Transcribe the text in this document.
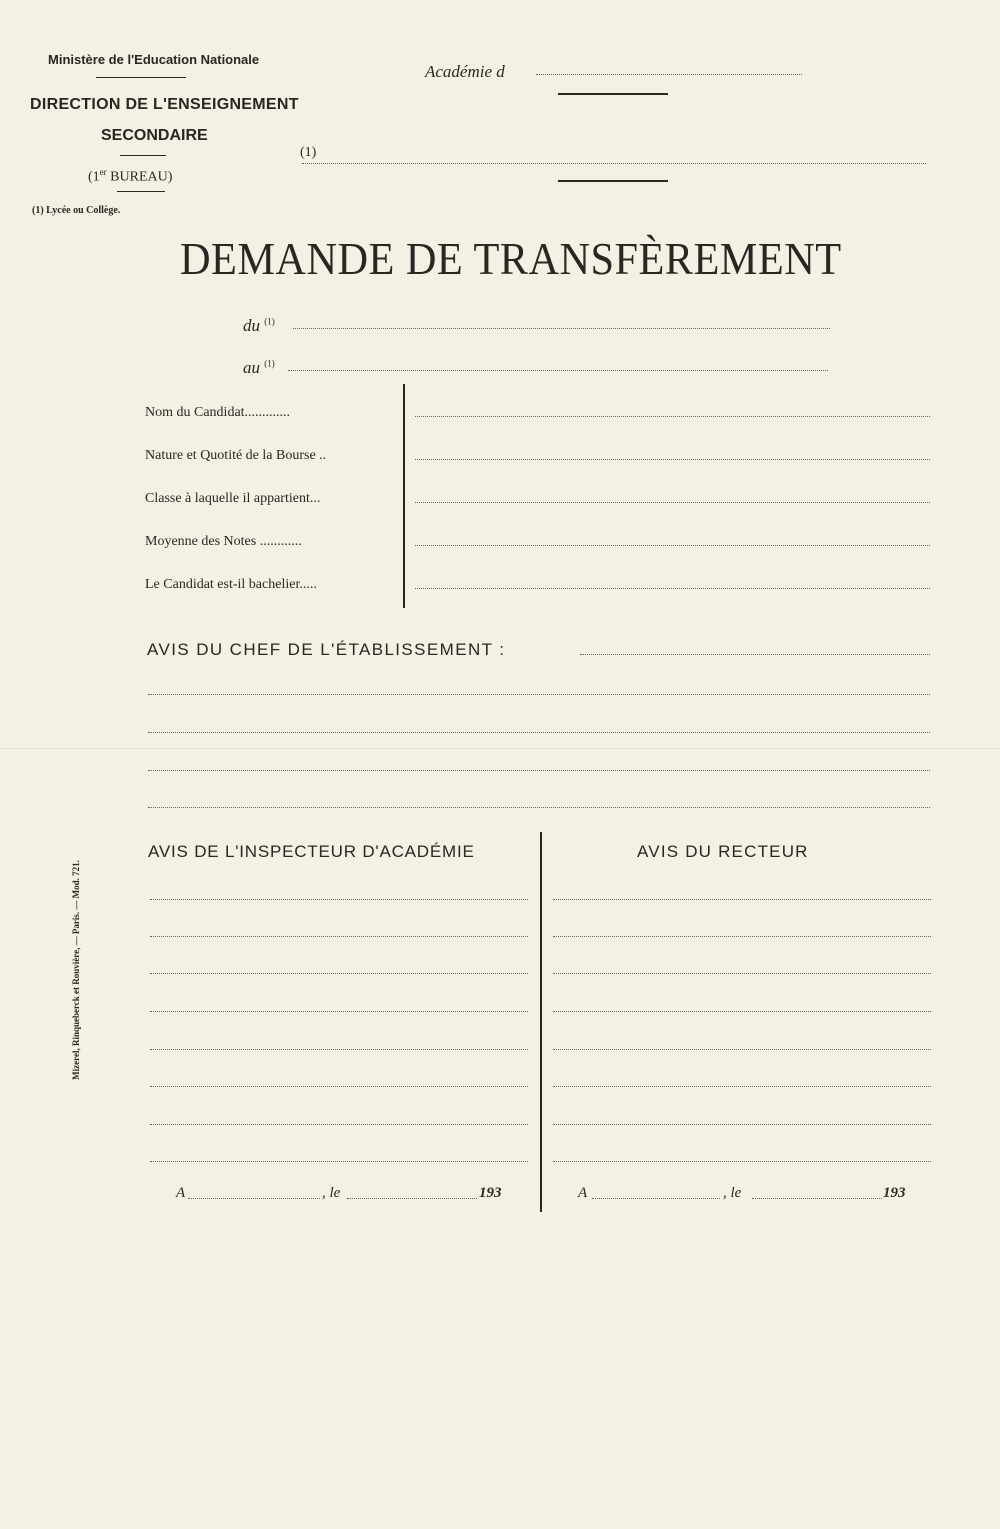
Ministère de l'Education Nationale
DIRECTION DE L'ENSEIGNEMENT
SECONDAIRE
(1er BUREAU)
(1) Lycée ou Collège.
Académie d
(1)
DEMANDE DE TRANSFÈREMENT
du $^{(1)}$
au $^{(1)}$
Nom du Candidat.............
Nature et Quotité de la Bourse ..
Classe à laquelle il appartient...
Moyenne des Notes ............
Le Candidat est-il bachelier.....
AVIS DU CHEF DE L'ÉTABLISSEMENT :
Mizerel, Rinqueberck et Rouvière, — Paris. — Mod. 721.
AVIS DE L'INSPECTEUR D'ACADÉMIE	AVIS DU RECTEUR
A	, le	193	A	, le	193
